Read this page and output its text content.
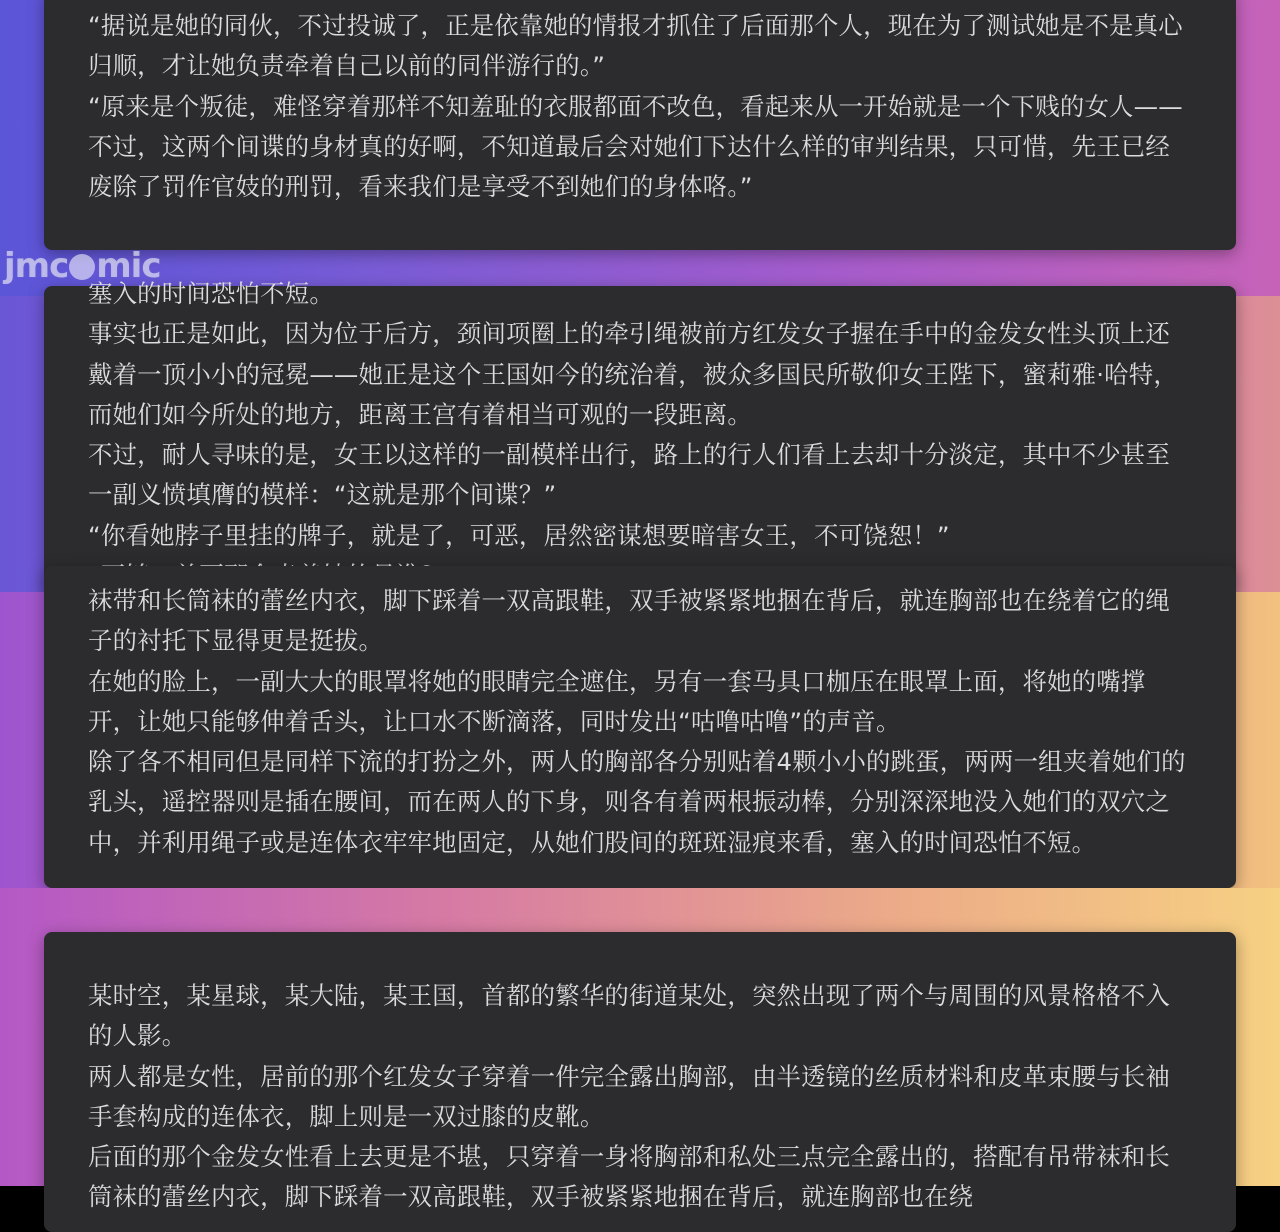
“据说是她的同伙，不过投诚了，正是依靠她的情报才抓住了后面那个人，现在为了测试她是不是真心归顺，才让她负责牵着自己以前的同伴游行的。”

“原来是个叛徒，难怪穿着那样不知羞耻的衣服都面不改色，看起来从一开始就是一个下贱的女人——不过，这两个间谍的身材真的好啊，不知道最后会对她们下达什么样的审判结果，只可惜，先王已经废除了罚作官妓的刑罚，看来我们是享受不到她们的身体咯。”

jmc mic

塞入的时间恐怕不短。

事实也正是如此，因为位于后方，颈间项圈上的牵引绳被前方红发女子握在手中的金发女性头顶上还戴着一顶小小的冠冕——她正是这个王国如今的统治着，被众多国民所敬仰女王陛下，蜜莉雅·哈特，而她们如今所处的地方，距离王宫有着相当可观的一段距离。

不过，耐人寻味的是，女王以这样的一副模样出行，路上的行人们看上去却十分淡定，其中不少甚至一副义愤填膺的模样：“这就是那个间谍？”

“你看她脖子里挂的牌子，就是了，可恶，居然密谋想要暗害女王，不可饶恕！”

袜带和长筒袜的蕾丝内衣，脚下踩着一双高跟鞋，双手被紧紧地捆在背后，就连胸部也在绕着它的绳子的衬托下显得更是挺拔。

在她的脸上，一副大大的眼罩将她的眼睛完全遮住，另有一套马具口枷压在眼罩上面，将她的嘴撑开，让她只能够伸着舌头，让口水不断滴落，同时发出“咕噜咕噜”的声音。

除了各不相同但是同样下流的打扮之外，两人的胸部各分别贴着4颗小小的跳蛋，两两一组夹着她们的乳头，遥控器则是插在腰间，而在两人的下身，则各有着两根振动棒，分别深深地没入她们的双穴之中，并利用绳子或是连体衣牢牢地固定，从她们股间的斑斑湿痕来看，塞入的时间恐怕不短。

某时空，某星球，某大陆，某王国，首都的繁华的街道某处，突然出现了两个与周围的风景格格不入的人影。

两人都是女性，居前的那个红发女子穿着一件完全露出胸部，由半透镜的丝质材料和皮革束腰与长袖手套构成的连体衣，脚上则是一双过膝的皮靴。

后面的那个金发女性看上去更是不堪，只穿着一身将胸部和私处三点完全露出的，搭配有吊带袜和长筒袜的蕾丝内衣，脚下踩着一双高跟鞋，双手被紧紧地捆在背后，就连胸部也在绕
